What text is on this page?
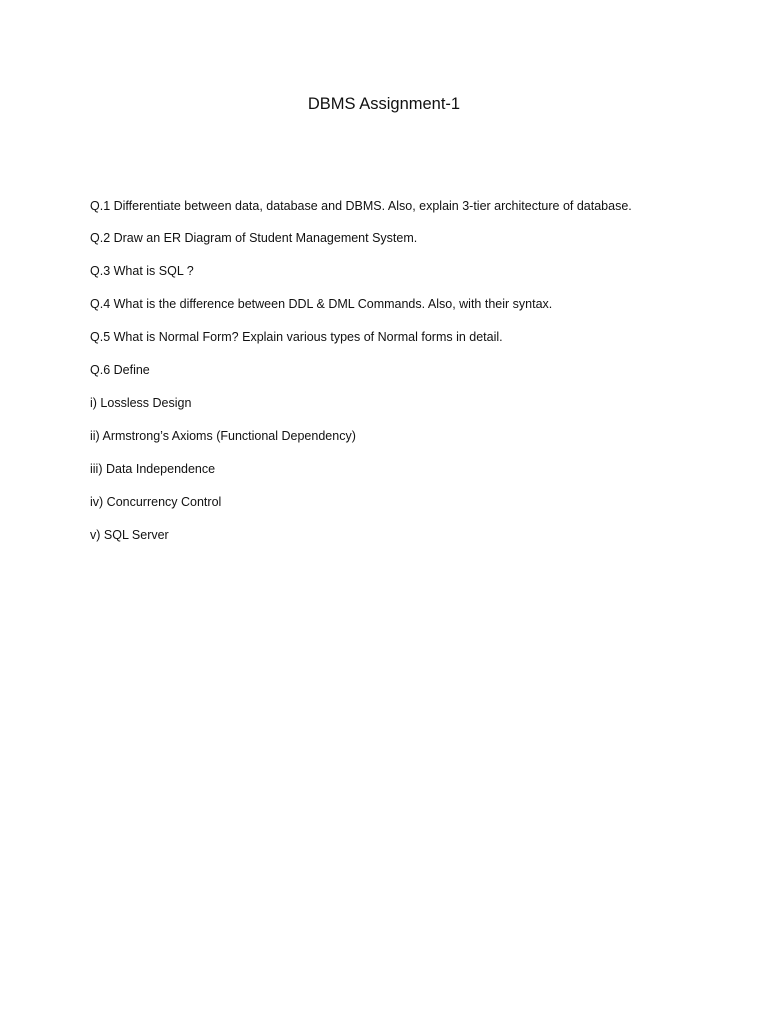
DBMS Assignment-1
Q.1 Differentiate between data, database and DBMS. Also, explain 3-tier architecture of database.
Q.2 Draw an ER Diagram of Student Management System.
Q.3 What is SQL ?
Q.4 What is the difference between DDL & DML Commands. Also, with their syntax.
Q.5 What is Normal Form? Explain various types of Normal forms in detail.
Q.6 Define
i) Lossless Design
ii) Armstrong’s Axioms (Functional Dependency)
iii) Data Independence
iv) Concurrency Control
v) SQL Server
